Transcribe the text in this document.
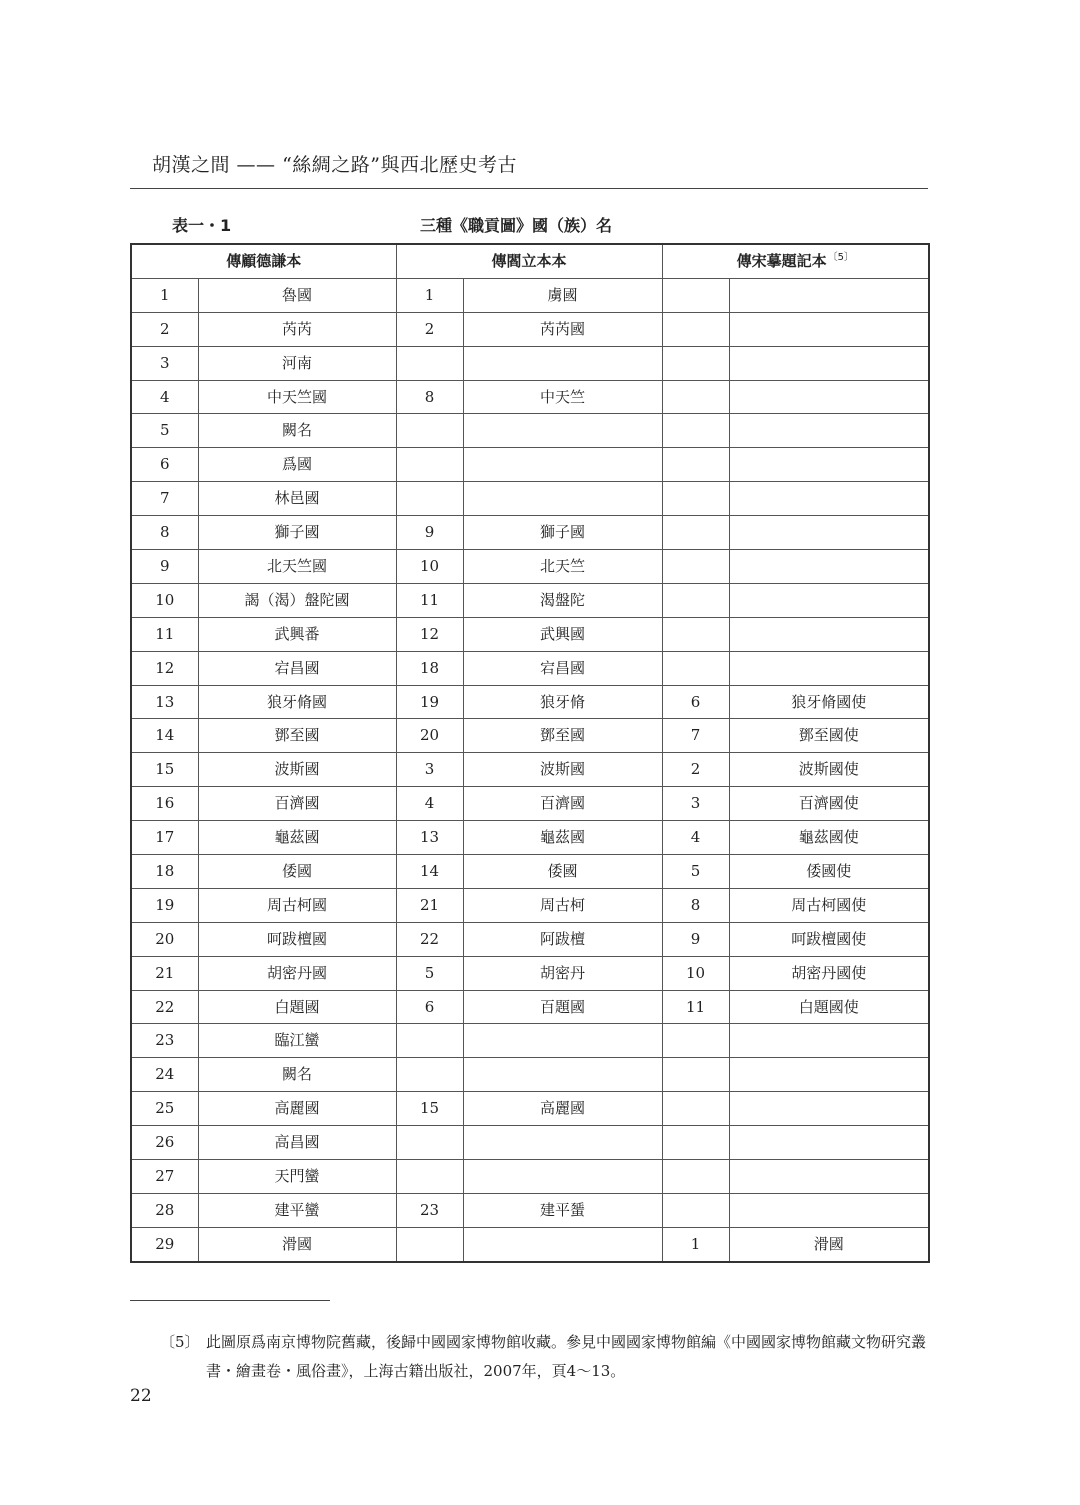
胡漢之間 —— “絲綢之路”與西北歷史考古
表一・1	三種《職貢圖》國（族）名
傳顧德謙本		傳閻立本本		傳宋摹題記本$^{〔5〕}$
1	魯國	1	虜國		
2	芮芮	2	芮芮國		
3	河南				
4	中天竺國	8	中天竺		
5	闕名				
6	爲國				
7	林邑國				
8	獅子國	9	獅子國		
9	北天竺國	10	北天竺		
10	謁（渴）盤陀國	11	渴盤陀		
11	武興番	12	武興國		
12	宕昌國	18	宕昌國		
13	狼牙脩國	19	狼牙脩	6	狼牙脩國使
14	鄧至國	20	鄧至國	7	鄧至國使
15	波斯國	3	波斯國	2	波斯國使
16	百濟國	4	百濟國	3	百濟國使
17	龜茲國	13	龜茲國	4	龜茲國使
18	倭國	14	倭國	5	倭國使
19	周古柯國	21	周古柯	8	周古柯國使
20	呵跋檀國	22	阿跋檀	9	呵跋檀國使
21	胡密丹國	5	胡密丹	10	胡密丹國使
22	白題國	6	百題國	11	白題國使
23	臨江蠻				
24	闕名				
25	高麗國	15	高麗國		
26	高昌國				
27	天門蠻				
28	建平蠻	23	建平蜑		
29	滑國			1	滑國
〔5〕 此圖原爲南京博物院舊藏，後歸中國國家博物館收藏。參見中國國家博物館編《中國國家博物館藏文物研究叢書・繪畫卷・風俗畫》，上海古籍出版社，2007年，頁4〜13。
22
